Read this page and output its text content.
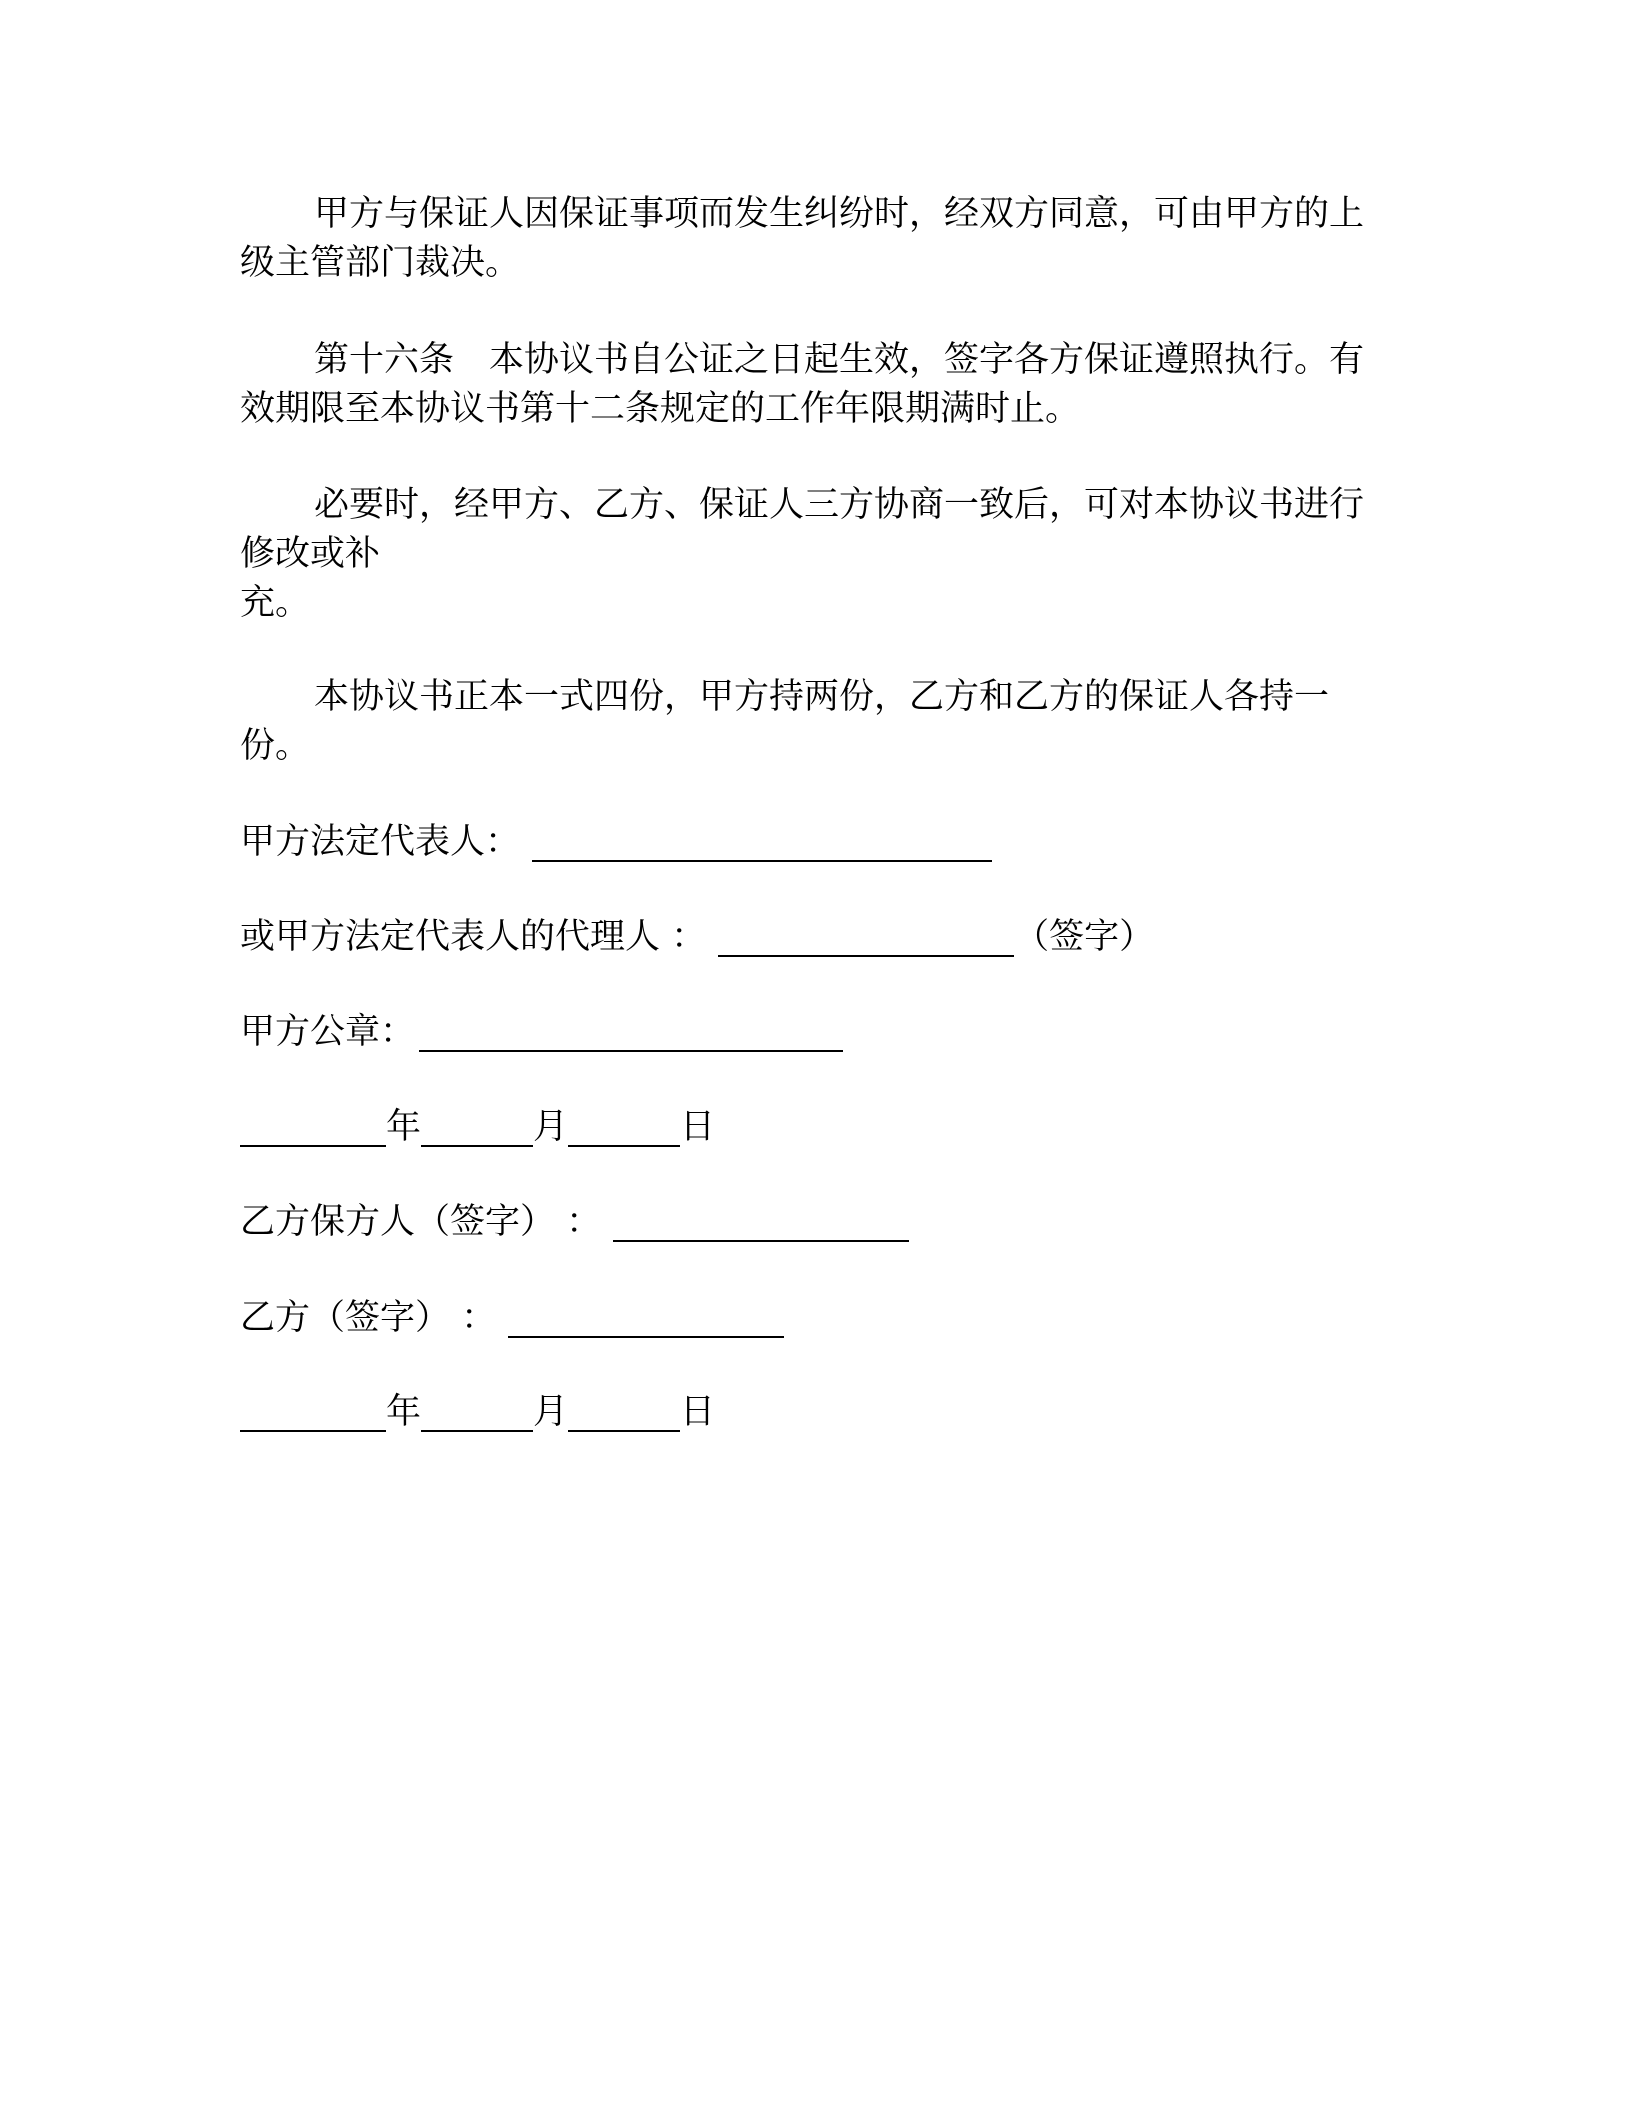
甲方与保证人因保证事项而发生纠纷时，经双方同意，可由甲方的上级主管部门裁决。

第十六条　本协议书自公证之日起生效，签字各方保证遵照执行。有效期限至本协议书第十二条规定的工作年限期满时止。

必要时，经甲方、乙方、保证人三方协商一致后，可对本协议书进行修改或补

充。

本协议书正本一式四份，甲方持两份，乙方和乙方的保证人各持一份。

甲方法定代表人：
或甲方法定代表人的代理人 ：	（签字）
甲方公章：
年	月	日
乙方保方人（签字） ：
乙方（签字） ：
年	月	日
